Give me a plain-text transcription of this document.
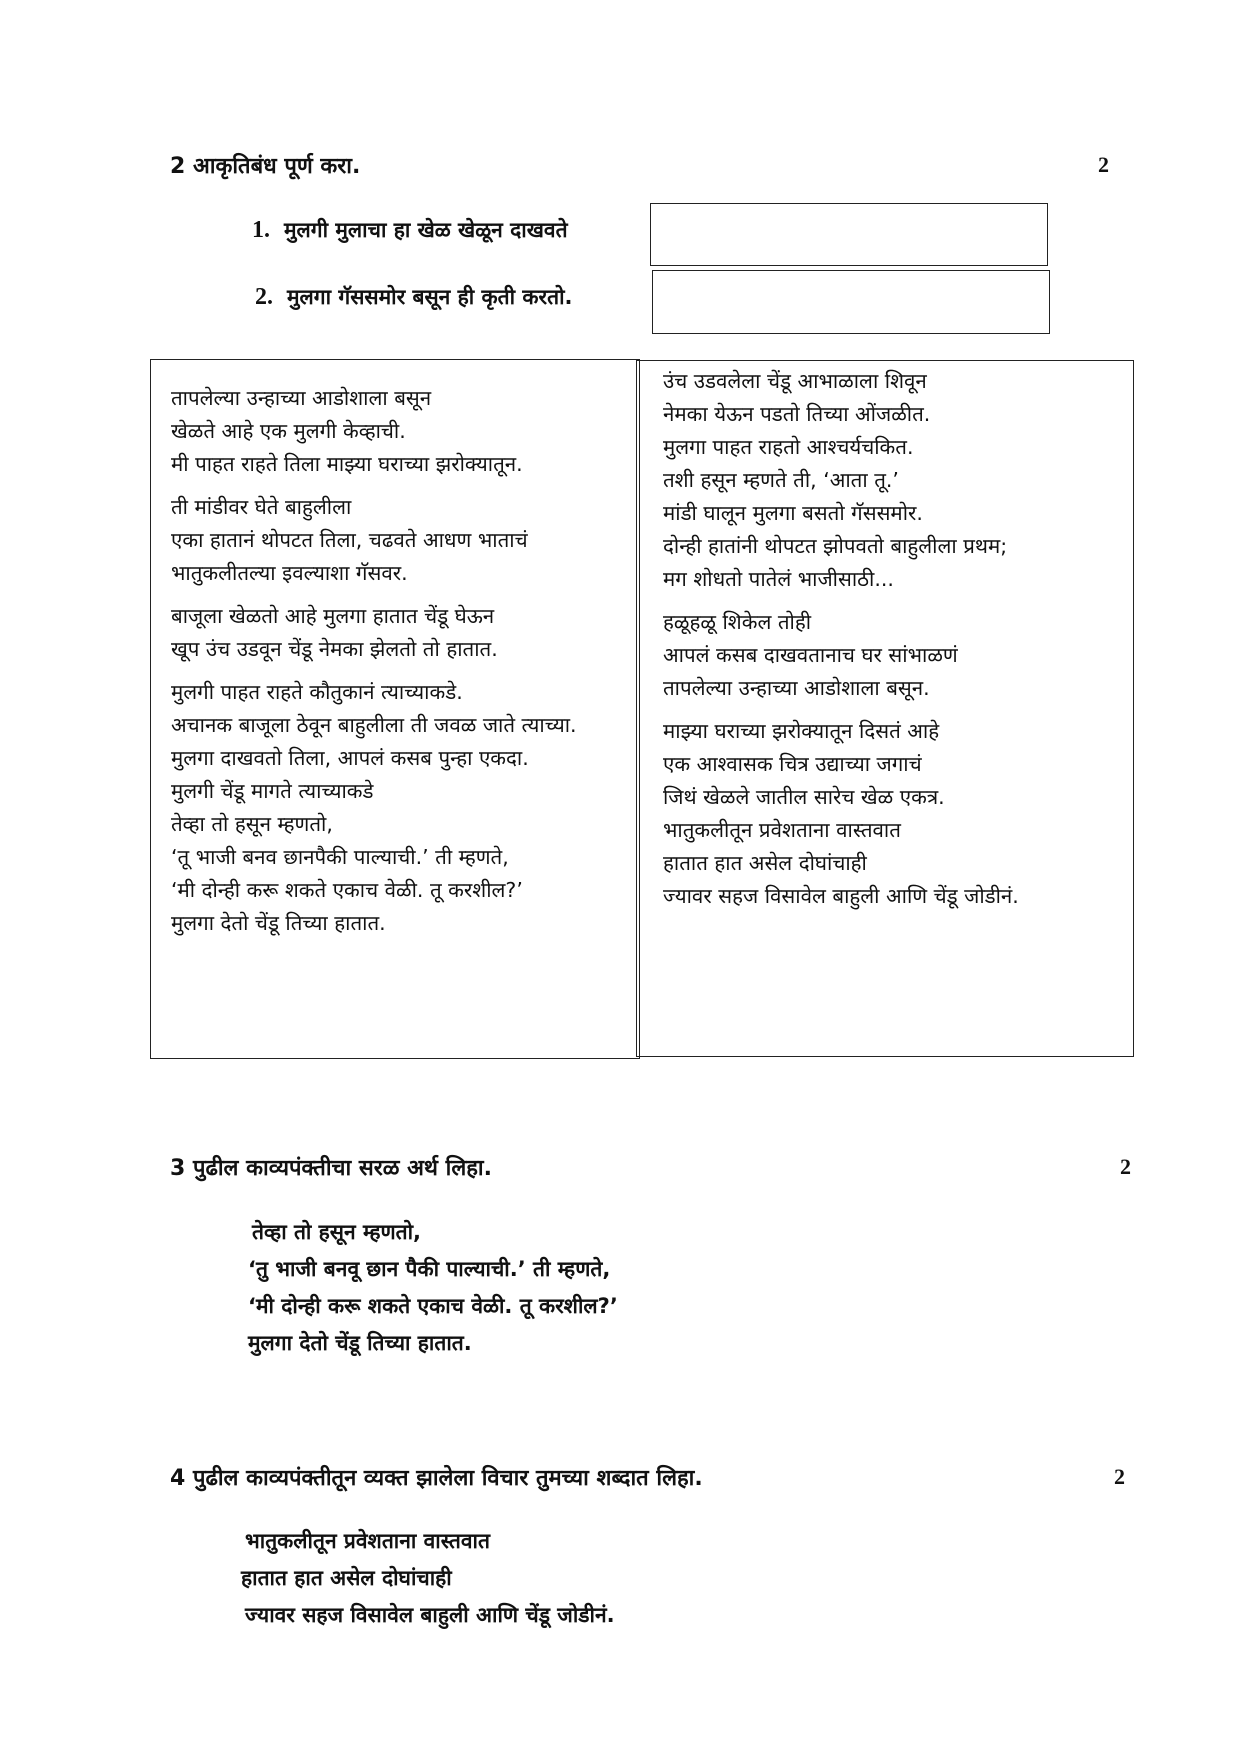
2 आकृतिबंध पूर्ण करा.	2
1. मुलगी मुलाचा हा खेळ खेळून दाखवते
2. मुलगा गॅससमोर बसून ही कृती करतो.
तापलेल्या उन्हाच्या आडोशाला बसून
खेळते आहे एक मुलगी केव्हाची.
मी पाहत राहते तिला माझ्या घराच्या झरोक्यातून.
ती मांडीवर घेते बाहुलीला
एका हातानं थोपटत तिला, चढवते आधण भाताचं
भातुकलीतल्या इवल्याशा गॅसवर.
बाजूला खेळतो आहे मुलगा हातात चेंडू घेऊन
खूप उंच उडवून चेंडू नेमका झेलतो तो हातात.
मुलगी पाहत राहते कौतुकानं त्याच्याकडे.
अचानक बाजूला ठेवून बाहुलीला ती जवळ जाते त्याच्या.
मुलगा दाखवतो तिला, आपलं कसब पुन्हा एकदा.
मुलगी चेंडू मागते त्याच्याकडे
तेव्हा तो हसून म्हणतो,
‘तू भाजी बनव छानपैकी पाल्याची.’ ती म्हणते,
‘मी दोन्ही करू शकते एकाच वेळी. तू करशील?’
मुलगा देतो चेंडू तिच्या हातात.
उंच उडवलेला चेंडू आभाळाला शिवून
नेमका येऊन पडतो तिच्या ओंजळीत.
मुलगा पाहत राहतो आश्चर्यचकित.
तशी हसून म्हणते ती, ‘आता तू.’
मांडी घालून मुलगा बसतो गॅससमोर.
दोन्ही हातांनी थोपटत झोपवतो बाहुलीला प्रथम;
मग शोधतो पातेलं भाजीसाठी...
हळूहळू शिकेल तोही
आपलं कसब दाखवतानाच घर सांभाळणं
तापलेल्या उन्हाच्या आडोशाला बसून.
माझ्या घराच्या झरोक्यातून दिसतं आहे
एक आश्वासक चित्र उद्याच्या जगाचं
जिथं खेळले जातील सारेच खेळ एकत्र.
भातुकलीतून प्रवेशताना वास्तवात
हातात हात असेल दोघांचाही
ज्यावर सहज विसावेल बाहुली आणि चेंडू जोडीनं.
3 पुढील काव्यपंक्तीचा सरळ अर्थ लिहा.	2
तेव्हा तो हसून म्हणतो,
‘तु भाजी बनवू छान पैकी पाल्याची.’ ती म्हणते,
‘मी दोन्ही करू शकते एकाच वेळी. तू करशील?’
मुलगा देतो चेंडू तिच्या हातात.
4 पुढील काव्यपंक्तीतून व्यक्त झालेला विचार तुमच्या शब्दात लिहा.	2
भातुकलीतून प्रवेशताना वास्तवात
हातात हात असेल दोघांचाही
ज्यावर सहज विसावेल बाहुली आणि चेंडू जोडीनं.
